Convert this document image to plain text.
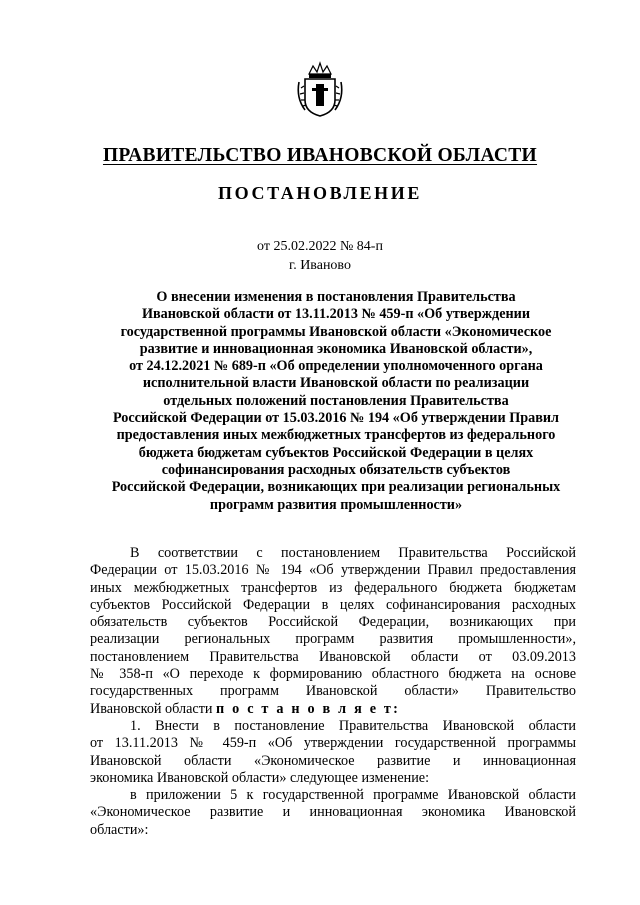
ПРАВИТЕЛЬСТВО ИВАНОВСКОЙ ОБЛАСТИ
ПОСТАНОВЛЕНИЕ
от 25.02.2022 № 84-п
г. Иваново
О внесении изменения в постановления Правительства
Ивановской области от 13.11.2013 № 459-п «Об утверждении
государственной программы Ивановской области «Экономическое
развитие и инновационная экономика Ивановской области»,
от 24.12.2021 № 689-п «Об определении уполномоченного органа
исполнительной власти Ивановской области по реализации
отдельных положений постановления Правительства
Российской Федерации от 15.03.2016 № 194 «Об утверждении Правил
предоставления иных межбюджетных трансфертов из федерального
бюджета бюджетам субъектов Российской Федерации в целях
софинансирования расходных обязательств субъектов
Российской Федерации, возникающих при реализации региональных
программ развития промышленности»
В соответствии с постановлением Правительства Российской
Федерации от 15.03.2016 № 194 «Об утверждении Правил предоставления
иных межбюджетных трансфертов из федерального бюджета бюджетам
субъектов Российской Федерации в целях софинансирования расходных
обязательств субъектов Российской Федерации, возникающих при
реализации региональных программ развития промышленности»,
постановлением Правительства Ивановской области от 03.09.2013
№ 358-п «О переходе к формированию областного бюджета на основе
государственных программ Ивановской области» Правительство
Ивановской области п о с т а н о в л я е т:
1. Внести в постановление Правительства Ивановской области
от 13.11.2013 № 459-п «Об утверждении государственной программы
Ивановской области «Экономическое развитие и инновационная
экономика Ивановской области» следующее изменение:
в приложении 5 к государственной программе Ивановской области
«Экономическое развитие и инновационная экономика Ивановской
области»:
